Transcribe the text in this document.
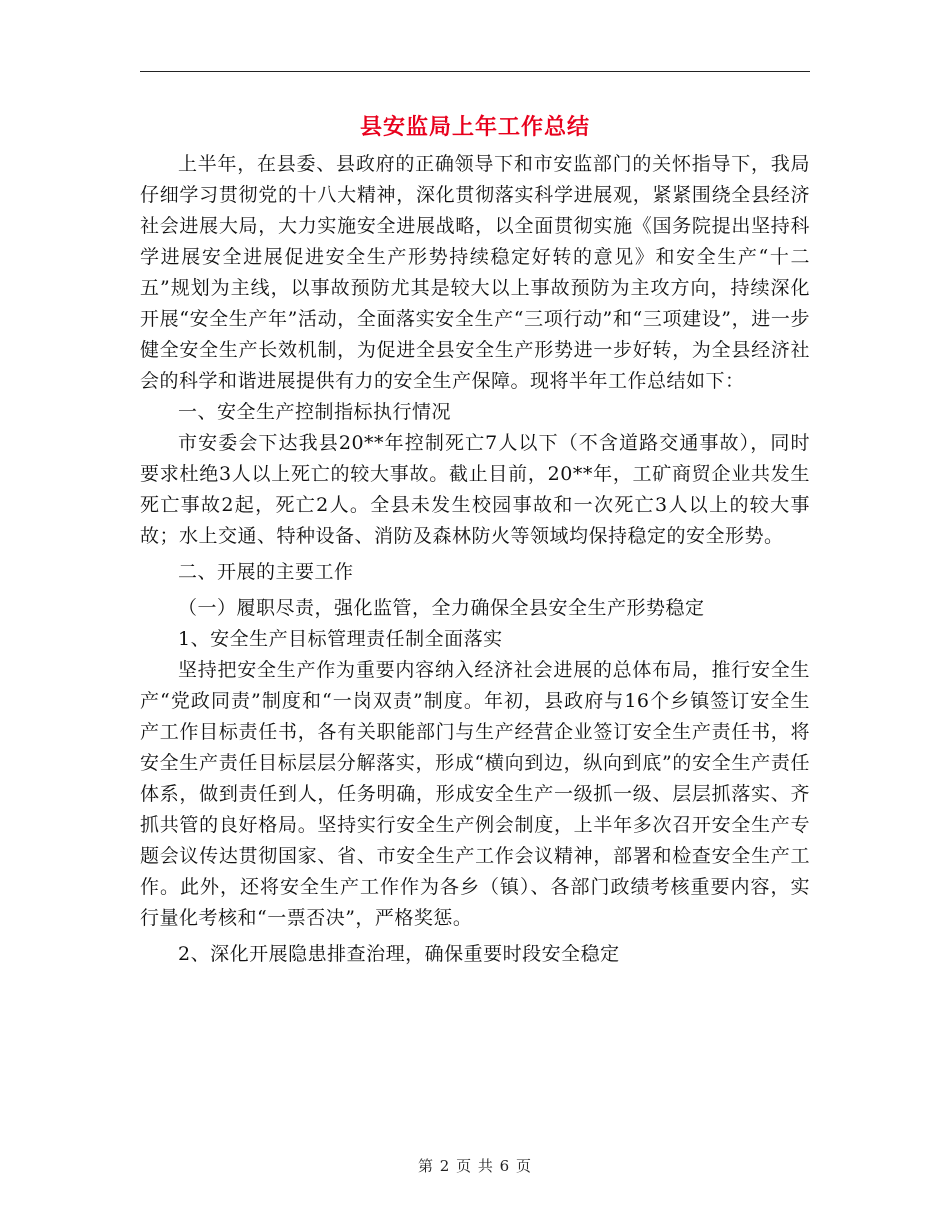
县安监局上年工作总结

上半年，在县委、县政府的正确领导下和市安监部门的关怀指导下，我局仔细学习贯彻党的十八大精神，深化贯彻落实科学进展观，紧紧围绕全县经济社会进展大局，大力实施安全进展战略，以全面贯彻实施《国务院提出坚持科学进展安全进展促进安全生产形势持续稳定好转的意见》和安全生产“十二五”规划为主线，以事故预防尤其是较大以上事故预防为主攻方向，持续深化开展“安全生产年”活动，全面落实安全生产“三项行动”和“三项建设”，进一步健全安全生产长效机制，为促进全县安全生产形势进一步好转，为全县经济社会的科学和谐进展提供有力的安全生产保障。现将半年工作总结如下：

一、安全生产控制指标执行情况

市安委会下达我县20**年控制死亡7人以下（不含道路交通事故），同时要求杜绝3人以上死亡的较大事故。截止目前，20**年，工矿商贸企业共发生死亡事故2起，死亡2人。全县未发生校园事故和一次死亡3人以上的较大事故；水上交通、特种设备、消防及森林防火等领域均保持稳定的安全形势。

二、开展的主要工作

（一）履职尽责，强化监管，全力确保全县安全生产形势稳定

1、安全生产目标管理责任制全面落实

坚持把安全生产作为重要内容纳入经济社会进展的总体布局，推行安全生产“党政同责”制度和“一岗双责”制度。年初，县政府与16个乡镇签订安全生产工作目标责任书，各有关职能部门与生产经营企业签订安全生产责任书，将安全生产责任目标层层分解落实，形成“横向到边，纵向到底”的安全生产责任体系，做到责任到人，任务明确，形成安全生产一级抓一级、层层抓落实、齐抓共管的良好格局。坚持实行安全生产例会制度，上半年多次召开安全生产专题会议传达贯彻国家、省、市安全生产工作会议精神，部署和检查安全生产工作。此外，还将安全生产工作作为各乡（镇）、各部门政绩考核重要内容，实行量化考核和“一票否决”，严格奖惩。

2、深化开展隐患排查治理，确保重要时段安全稳定

第 2 页 共 6 页
